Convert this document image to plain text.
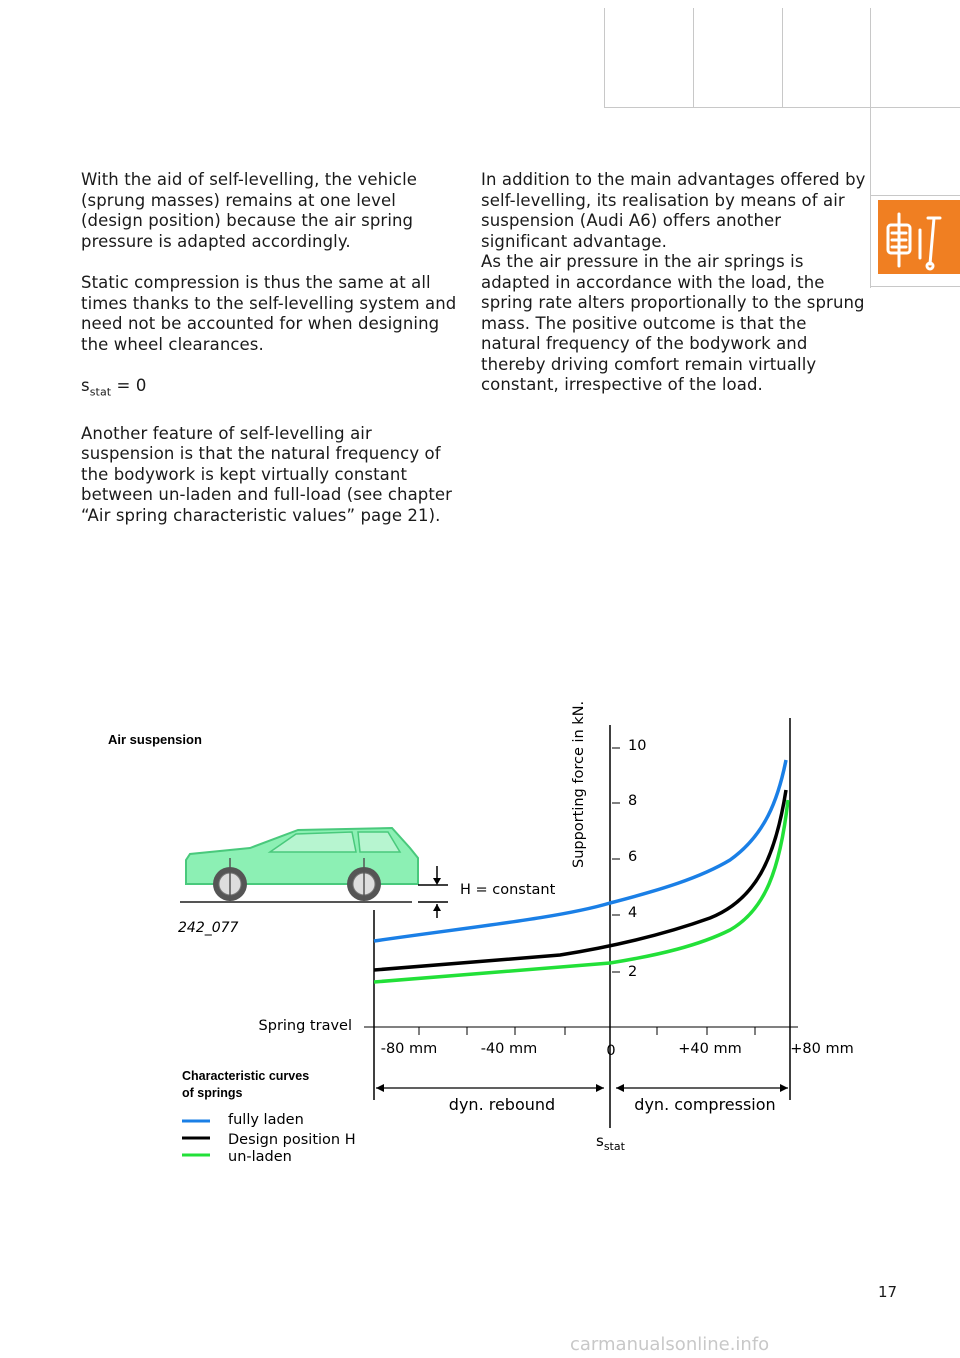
With the aid of self-levelling, the vehicle (sprung masses) remains at one level (design position) because the air spring pressure is adapted accordingly.

Static compression is thus the same at all times thanks to the self-levelling system and need not be accounted for when designing the wheel clearances.

$s_{stat} = 0$

Another feature of self-levelling air suspension is that the natural frequency of the bodywork is kept virtually constant between un-laden and full-load (see chapter “Air spring characteristic values” page 21).

In addition to the main advantages offered by self-levelling, its realisation by means of air suspension (Audi A6) offers another significant advantage.

As the air pressure in the air springs is adapted in accordance with the load, the spring rate alters proportionally to the sprung mass. The positive outcome is that the natural frequency of the bodywork and thereby driving comfort remain virtually constant, irrespective of the load.

Air suspension
H = constant
242_077
Spring travel
Supporting force in kN.	10
8
6
4
2
-80 mm	-40 mm	0	+40 mm	+80 mm
dyn. rebound	dyn. compression
$s_{stat}$
Characteristic curves
of springs
fully laden
Design position H
un-laden
17
carmanualsonline.info
